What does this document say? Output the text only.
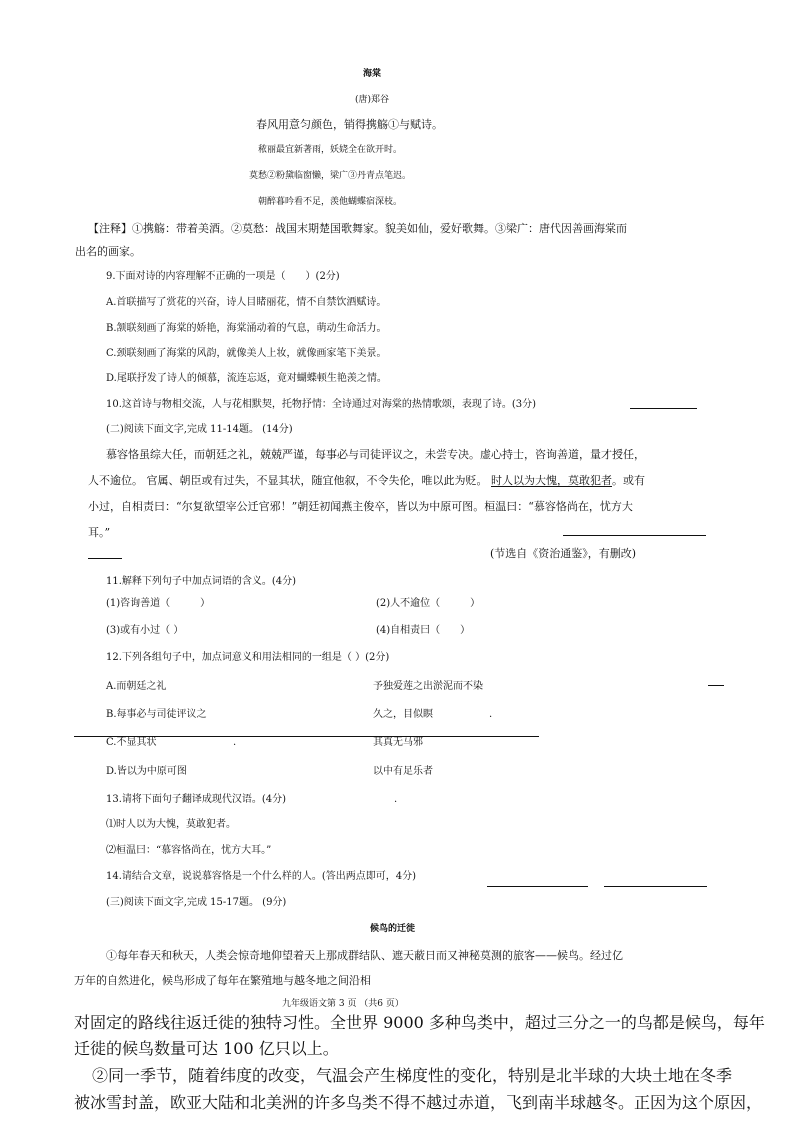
海棠
(唐)郑谷
春风用意匀颜色，销得携觞①与赋诗。
秾丽最宜新著雨，妖娆全在欲开时。
莫愁②粉黛临窗懒，梁广③丹青点笔迟。
朝醉暮吟看不足，羡他蝴蝶宿深枝。
【注释】①携觞：带着美酒。②莫愁：战国末期楚国歌舞家。貌美如仙，爱好歌舞。③梁广：唐代因善画海棠而
出名的画家。
9.下面对诗的内容理解不正确的一项是（　　）(2分)
A.首联描写了赏花的兴奋，诗人目睹丽花，情不自禁饮酒赋诗。
B.颔联刻画了海棠的娇艳，海棠涌动着的气息，萌动生命活力。
C.颈联刻画了海棠的风韵，就像美人上妆，就像画家笔下美景。
D.尾联抒发了诗人的倾慕，流连忘返，竟对蝴蝶顿生艳羡之情。
10.这首诗与物相交流，人与花相默契，托物抒情：全诗通过对海棠的热情歌颂，表现了诗。(3分)
(二)阅读下面文字,完成 11-14题。 (14分)
慕容恪虽综大任，而朝廷之礼，兢兢严谨，每事必与司徒评议之，未尝专决。虚心持士，咨询善道，量才授任，
人不逾位。 官属、朝臣或有过失，不显其状，随宜他叙，不令失伦，唯以此为贬。 时人以为大愧，莫敢犯者。或有
小过，自相责曰：“尔复欲望宰公迁官邪！”朝廷初闻燕主俊卒，皆以为中原可图。桓温曰：“慕容恪尚在，忧方大
耳。”
(节选自《资治通鉴》，有删改)
11.解释下列句子中加点词语的含义。(4分)
(1)咨询善道（　　　）	(2)人不逾位（　　　）
(3)或有小过（ ）	(4)自相责曰（　　）
12.下列各组句子中，加点词意义和用法相同的一组是（ ）(2分)
A.而朝廷之礼	予独爱莲之出淤泥而不染
B.每事必与司徒评议之	久之，目似瞑	.
C.不显其状	.	其真无马邪
D.皆以为中原可图	以中有足乐者
13.请将下面句子翻译成现代汉语。(4分)	.
⑴时人以为大愧，莫敢犯者。
⑵桓温曰：“慕容恪尚在，忧方大耳。”
14.请结合文章，说说慕容恪是一个什么样的人。(答出两点即可，4分)
(三)阅读下面文字,完成 15-17题。 (9分)
候鸟的迁徙
①每年春天和秋天，人类会惊奇地仰望着天上那成群结队、遮天蔽日而又神秘莫测的旅客——候鸟。经过亿
万年的自然进化，候鸟形成了每年在繁殖地与越冬地之间沿相
九年级语文第 3 页 （共6 页）
对固定的路线往返迁徙的独特习性。全世界 9000 多种鸟类中，超过三分之一的鸟都是候鸟，每年
迁徙的候鸟数量可达 100 亿只以上。
②同一季节，随着纬度的改变，气温会产生梯度性的变化，特别是北半球的大块土地在冬季
被冰雪封盖，欧亚大陆和北美洲的许多鸟类不得不越过赤道，飞到南半球越冬。正因为这个原因，
